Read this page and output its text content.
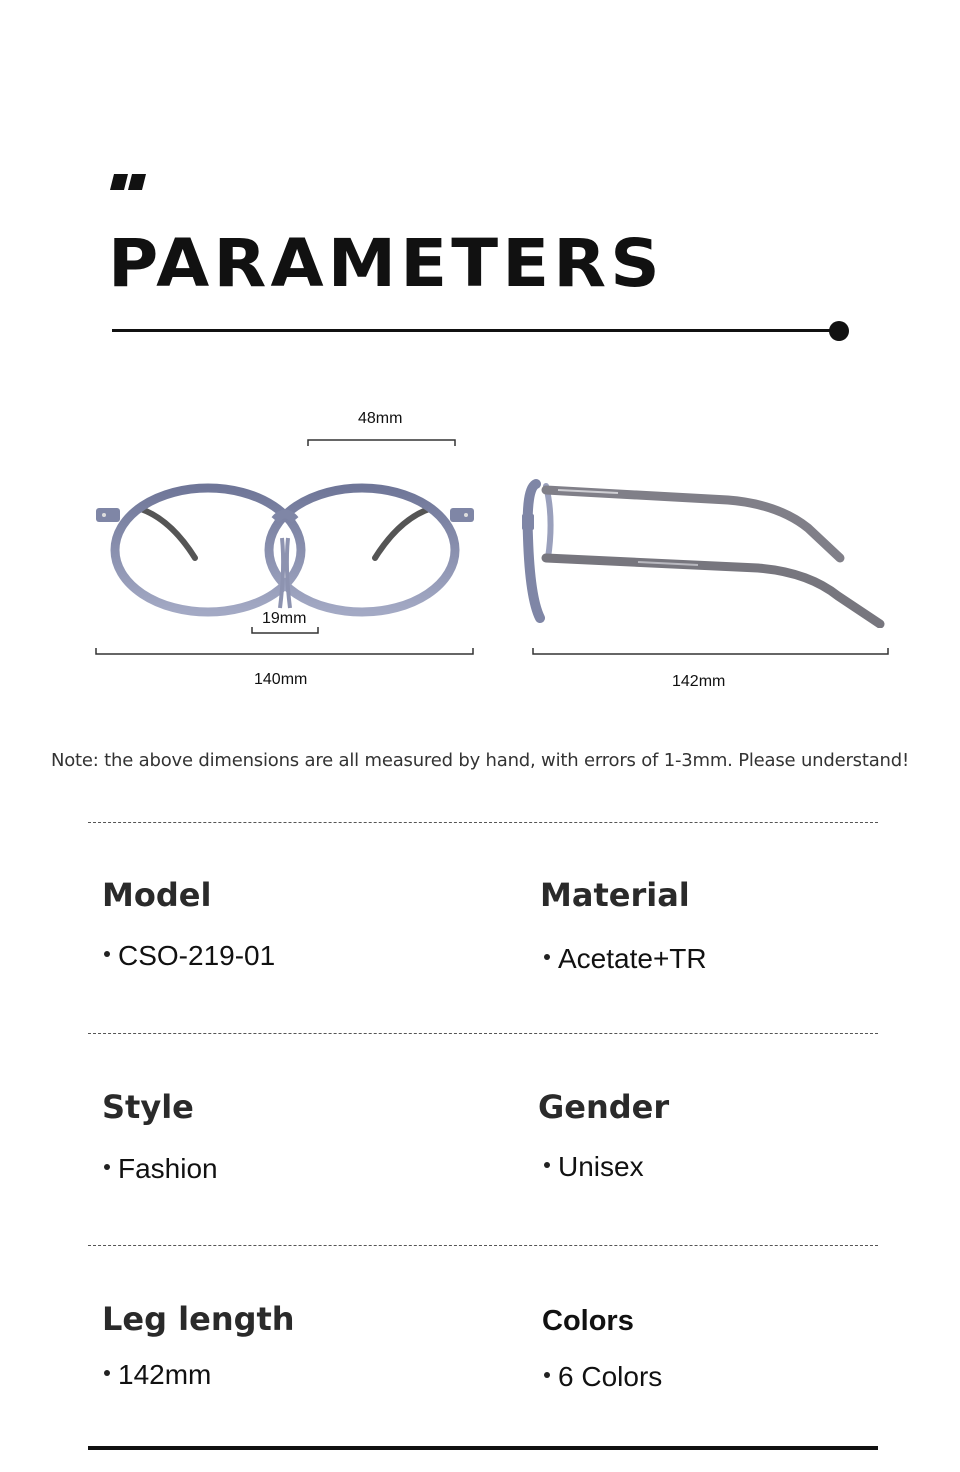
PARAMETERS
48mm
19mm
140mm	142mm
Note: the above dimensions are all measured by hand, with errors of 1-3mm. Please understand!
Model
CSO-219-01
Material
Acetate+TR
Style
Fashion
Gender
Unisex
Leg length
142mm
Colors
6 Colors
